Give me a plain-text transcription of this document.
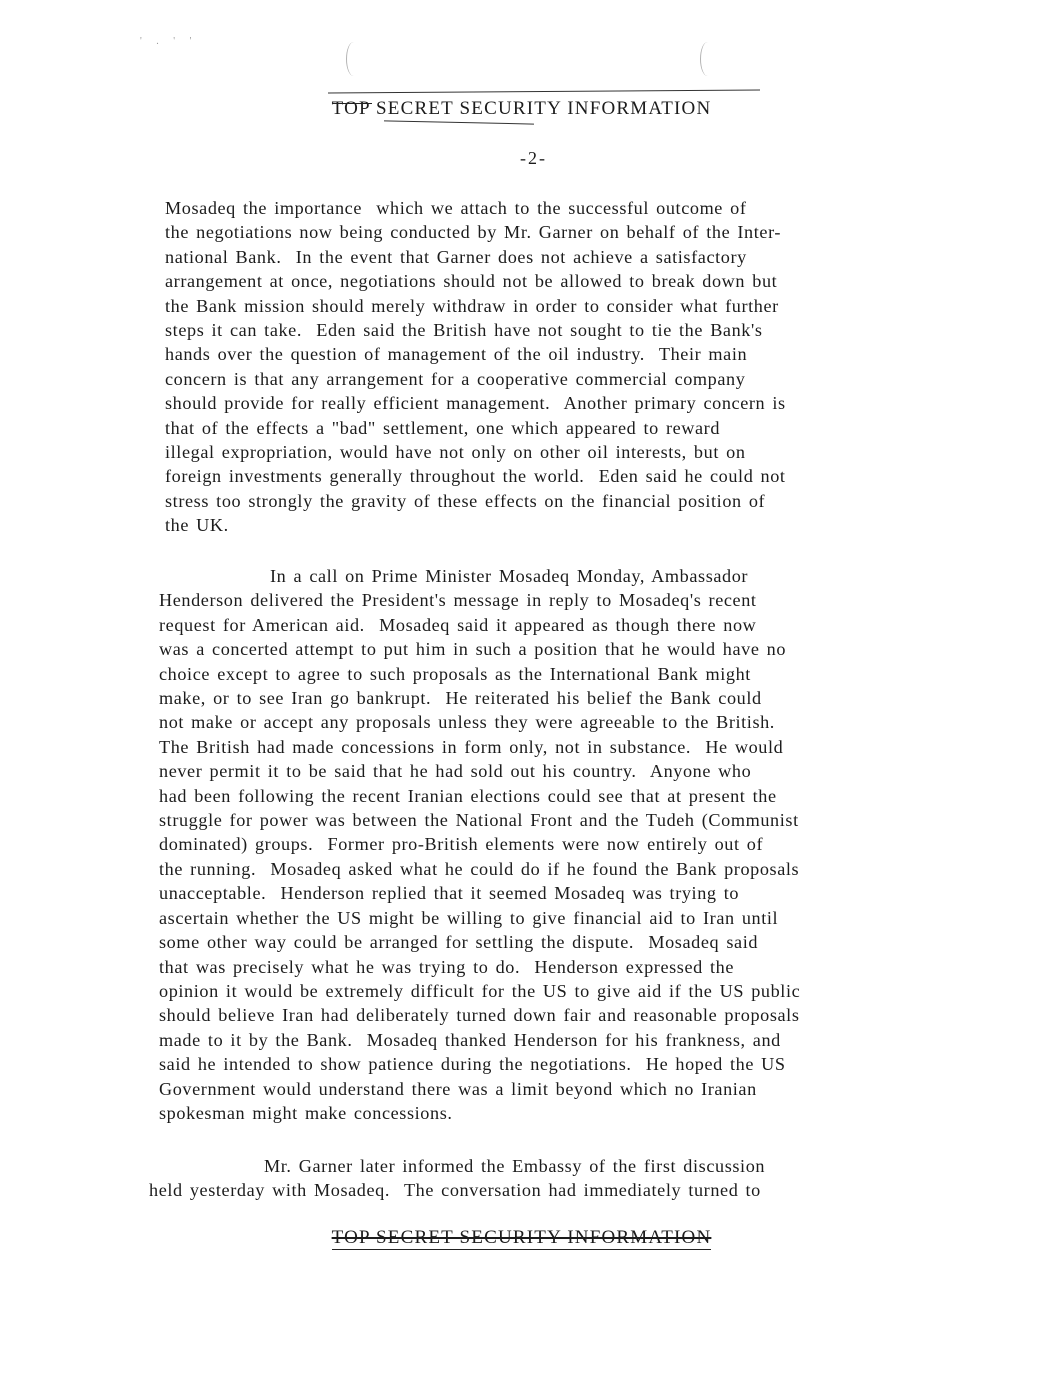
' . ' '
TOP SECRET SECURITY INFORMATION
-2-
Mosadeq the importance  which we attach to the successful outcome of
the negotiations now being conducted by Mr. Garner on behalf of the Inter-
national Bank.  In the event that Garner does not achieve a satisfactory
arrangement at once, negotiations should not be allowed to break down but
the Bank mission should merely withdraw in order to consider what further
steps it can take.  Eden said the British have not sought to tie the Bank's
hands over the question of management of the oil industry.  Their main
concern is that any arrangement for a cooperative commercial company
should provide for really efficient management.  Another primary concern is
that of the effects a "bad" settlement, one which appeared to reward
illegal expropriation, would have not only on other oil interests, but on
foreign investments generally throughout the world.  Eden said he could not
stress too strongly the gravity of these effects on the financial position of
the UK.
In a call on Prime Minister Mosadeq Monday, Ambassador
Henderson delivered the President's message in reply to Mosadeq's recent
request for American aid.  Mosadeq said it appeared as though there now
was a concerted attempt to put him in such a position that he would have no
choice except to agree to such proposals as the International Bank might
make, or to see Iran go bankrupt.  He reiterated his belief the Bank could
not make or accept any proposals unless they were agreeable to the British.
The British had made concessions in form only, not in substance.  He would
never permit it to be said that he had sold out his country.  Anyone who
had been following the recent Iranian elections could see that at present the
struggle for power was between the National Front and the Tudeh (Communist
dominated) groups.  Former pro-British elements were now entirely out of
the running.  Mosadeq asked what he could do if he found the Bank proposals
unacceptable.  Henderson replied that it seemed Mosadeq was trying to
ascertain whether the US might be willing to give financial aid to Iran until
some other way could be arranged for settling the dispute.  Mosadeq said
that was precisely what he was trying to do.  Henderson expressed the
opinion it would be extremely difficult for the US to give aid if the US public
should believe Iran had deliberately turned down fair and reasonable proposals
made to it by the Bank.  Mosadeq thanked Henderson for his frankness, and
said he intended to show patience during the negotiations.  He hoped the US
Government would understand there was a limit beyond which no Iranian
spokesman might make concessions.
Mr. Garner later informed the Embassy of the first discussion
held yesterday with Mosadeq.  The conversation had immediately turned to
TOP SECRET SECURITY INFORMATION
